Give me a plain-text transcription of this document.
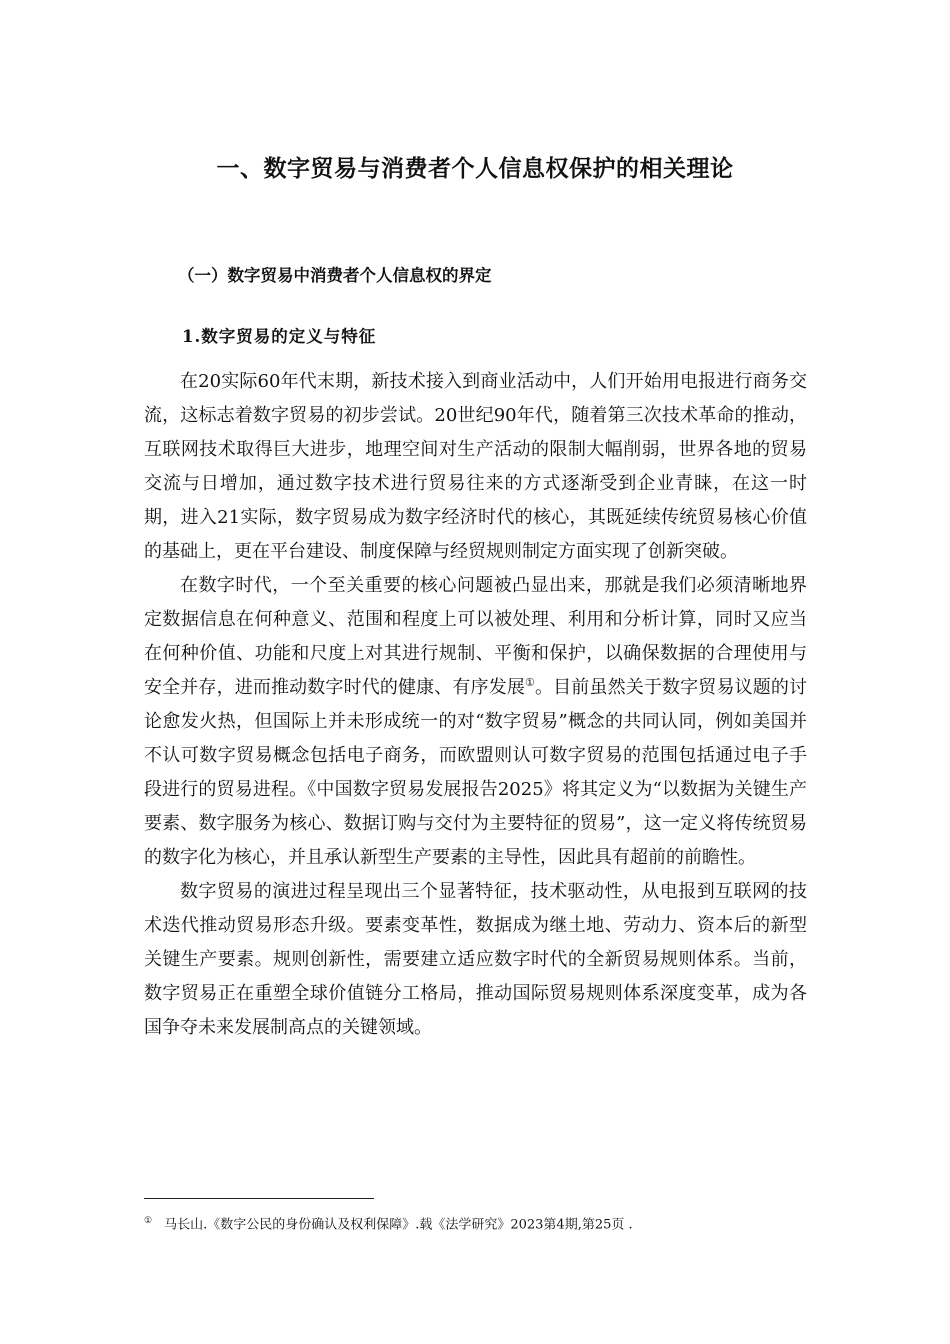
一、数字贸易与消费者个人信息权保护的相关理论
（一）数字贸易中消费者个人信息权的界定
1.数字贸易的定义与特征

在20实际60年代末期，新技术接入到商业活动中，人们开始用电报进行商务交流，这标志着数字贸易的初步尝试。20世纪90年代，随着第三次技术革命的推动，互联网技术取得巨大进步，地理空间对生产活动的限制大幅削弱，世界各地的贸易交流与日增加，通过数字技术进行贸易往来的方式逐渐受到企业青睐，在这一时期，进入21实际，数字贸易成为数字经济时代的核心，其既延续传统贸易核心价值的基础上，更在平台建设、制度保障与经贸规则制定方面实现了创新突破。

在数字时代，一个至关重要的核心问题被凸显出来，那就是我们必须清晰地界定数据信息在何种意义、范围和程度上可以被处理、利用和分析计算，同时又应当在何种价值、功能和尺度上对其进行规制、平衡和保护，以确保数据的合理使用与安全并存，进而推动数字时代的健康、有序发展①。目前虽然关于数字贸易议题的讨论愈发火热，但国际上并未形成统一的对“数字贸易”概念的共同认同，例如美国并不认可数字贸易概念包括电子商务，而欧盟则认可数字贸易的范围包括通过电子手段进行的贸易进程。《中国数字贸易发展报告2025》将其定义为“以数据为关键生产要素、数字服务为核心、数据订购与交付为主要特征的贸易”，这一定义将传统贸易的数字化为核心，并且承认新型生产要素的主导性，因此具有超前的前瞻性。

数字贸易的演进过程呈现出三个显著特征，技术驱动性，从电报到互联网的技术迭代推动贸易形态升级。要素变革性，数据成为继土地、劳动力、资本后的新型关键生产要素。规则创新性，需要建立适应数字时代的全新贸易规则体系。当前，数字贸易正在重塑全球价值链分工格局，推动国际贸易规则体系深度变革，成为各国争夺未来发展制高点的关键领域。

① 马长山.《数字公民的身份确认及权利保障》.载《法学研究》2023第4期,第25页 .
